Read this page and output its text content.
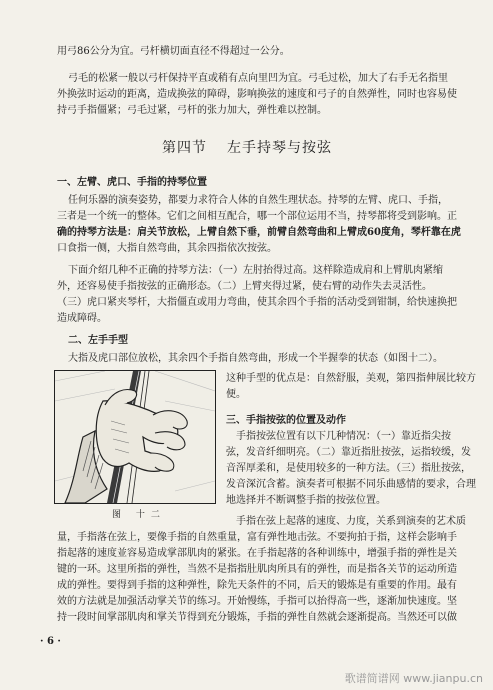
用弓86公分为宜。弓杆横切面直径不得超过一公分。
弓毛的松紧一般以弓杆保持平直或稍有点向里凹为宜。弓毛过松，加大了右手无名指里
外换弦时运动的距离，造成换弦的障碍，影响换弦的速度和弓子的自然弹性，同时也容易使
持弓手指僵紧；弓毛过紧，弓杆的张力加大，弹性难以控制。
任何乐器的演奏姿势，都要力求符合人体的自然生理状态。持琴的左臂、虎口、手指，
三者是一个统一的整体。它们之间相互配合，哪一个部位运用不当，持琴都将受到影响。正
确的持琴方法是：肩关节放松，上臂自然下垂，前臂自然弯曲和上臂成60度角，琴杆靠在虎
口食指一侧，大指自然弯曲，其余四指依次按弦。
下面介绍几种不正确的持琴方法：（一）左肘抬得过高。这样除造成肩和上臂肌肉紧缩
外，还容易使手指按弦的正确形态。（二）上臂夹得过紧，使右臂的动作失去灵活性。
（三）虎口紧夹琴杆，大指僵直或用力弯曲，使其余四个手指的活动受到钳制，给快速换把
造成障碍。
大指及虎口部位放松，其余四个手指自然弯曲，形成一个半握拳的状态（如图十二）。
这种手型的优点是：自然舒服，美观，第四指伸展比较方
便。
手指按弦位置有以下几种情况：（一）靠近指尖按
弦，发音纤细明亮。（二）靠近指肚按弦，运指较缓，发
音浑厚柔和，是使用较多的一种方法。（三）指肚按弦，
发音深沉含蓄。演奏者可根据不同乐曲感情的要求，合理
地选择并不断调整手指的按弦位置。
手指在弦上起落的速度、力度，关系到演奏的艺术质
量，手指落在弦上，要像手指的自然重量，富有弹性地击弦。不要拘拍于指，这样会影响手
指起落的速度並容易造成掌部肌肉的紧张。在手指起落的各种训练中，增强手指的弹性是关
键的一环。这里所指的弹性，当然不是指指肚肌肉所具有的弹性，而是指各关节的运动所造
成的弹性。要得到手指的这种弹性，除先天条件的不同，后天的锻炼是有重要的作用。最有
效的方法就是加强活动掌关节的练习。开始慢练，手指可以抬得高一些，逐渐加快速度。坚
持一段时间掌部肌肉和掌关节得到充分锻炼，手指的弹性自然就会逐渐提高。当然还可以做
第四节 左手持琴与按弦
一、左臂、虎口、手指的持琴位置
二、左手手型
三、手指按弦的位置及动作
图 十二
· 6 ·
歌谱简谱网 www.jianpu.cn
